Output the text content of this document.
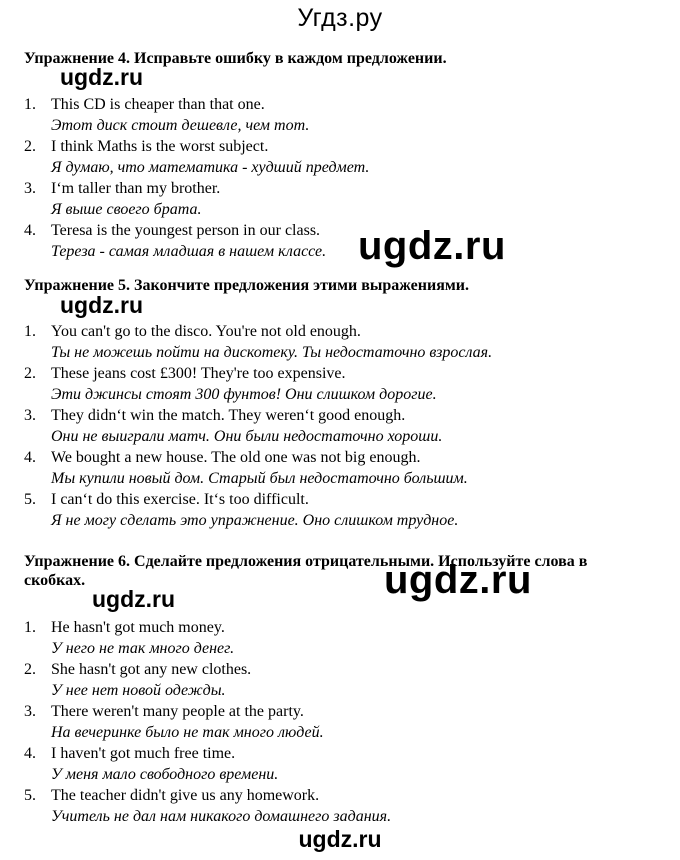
Угдз.ру
Упражнение 4. Исправьте ошибку в каждом предложении.
1. This CD is cheaper than that one.
Этот диск стоит дешевле, чем тот.
2. I think Maths is the worst subject.
Я думаю, что математика - худший предмет.
3. I‘m taller than my brother.
Я выше своего брата.
4. Teresa is the youngest person in our class.
Тереза - самая младшая в нашем классе.
Упражнение 5. Закончите предложения этими выражениями.
1. You can't go to the disco. You're not old enough.
Ты не можешь пойти на дискотеку. Ты недостаточно взрослая.
2. These jeans cost £300! They're too expensive.
Эти джинсы стоят 300 фунтов! Они слишком дорогие.
3. They didn‘t win the match. They weren‘t good enough.
Они не выиграли матч. Они были недостаточно хороши.
4. We bought a new house. The old one was not big enough.
Мы купили новый дом. Старый был недостаточно большим.
5. I can‘t do this exercise. It‘s too difficult.
Я не могу сделать это упражнение. Оно слишком трудное.
Упражнение 6. Сделайте предложения отрицательными. Используйте слова в скобках.
1. He hasn't got much money.
У него не так много денег.
2. She hasn't got any new clothes.
У нее нет новой одежды.
3. There weren't many people at the party.
На вечеринке было не так много людей.
4. I haven't got much free time.
У меня мало свободного времени.
5. The teacher didn't give us any homework.
Учитель не дал нам никакого домашнего задания.
ugdz.ru
ugdz.ru
ugdz.ru
ugdz.ru
ugdz.ru
ugdz.ru
